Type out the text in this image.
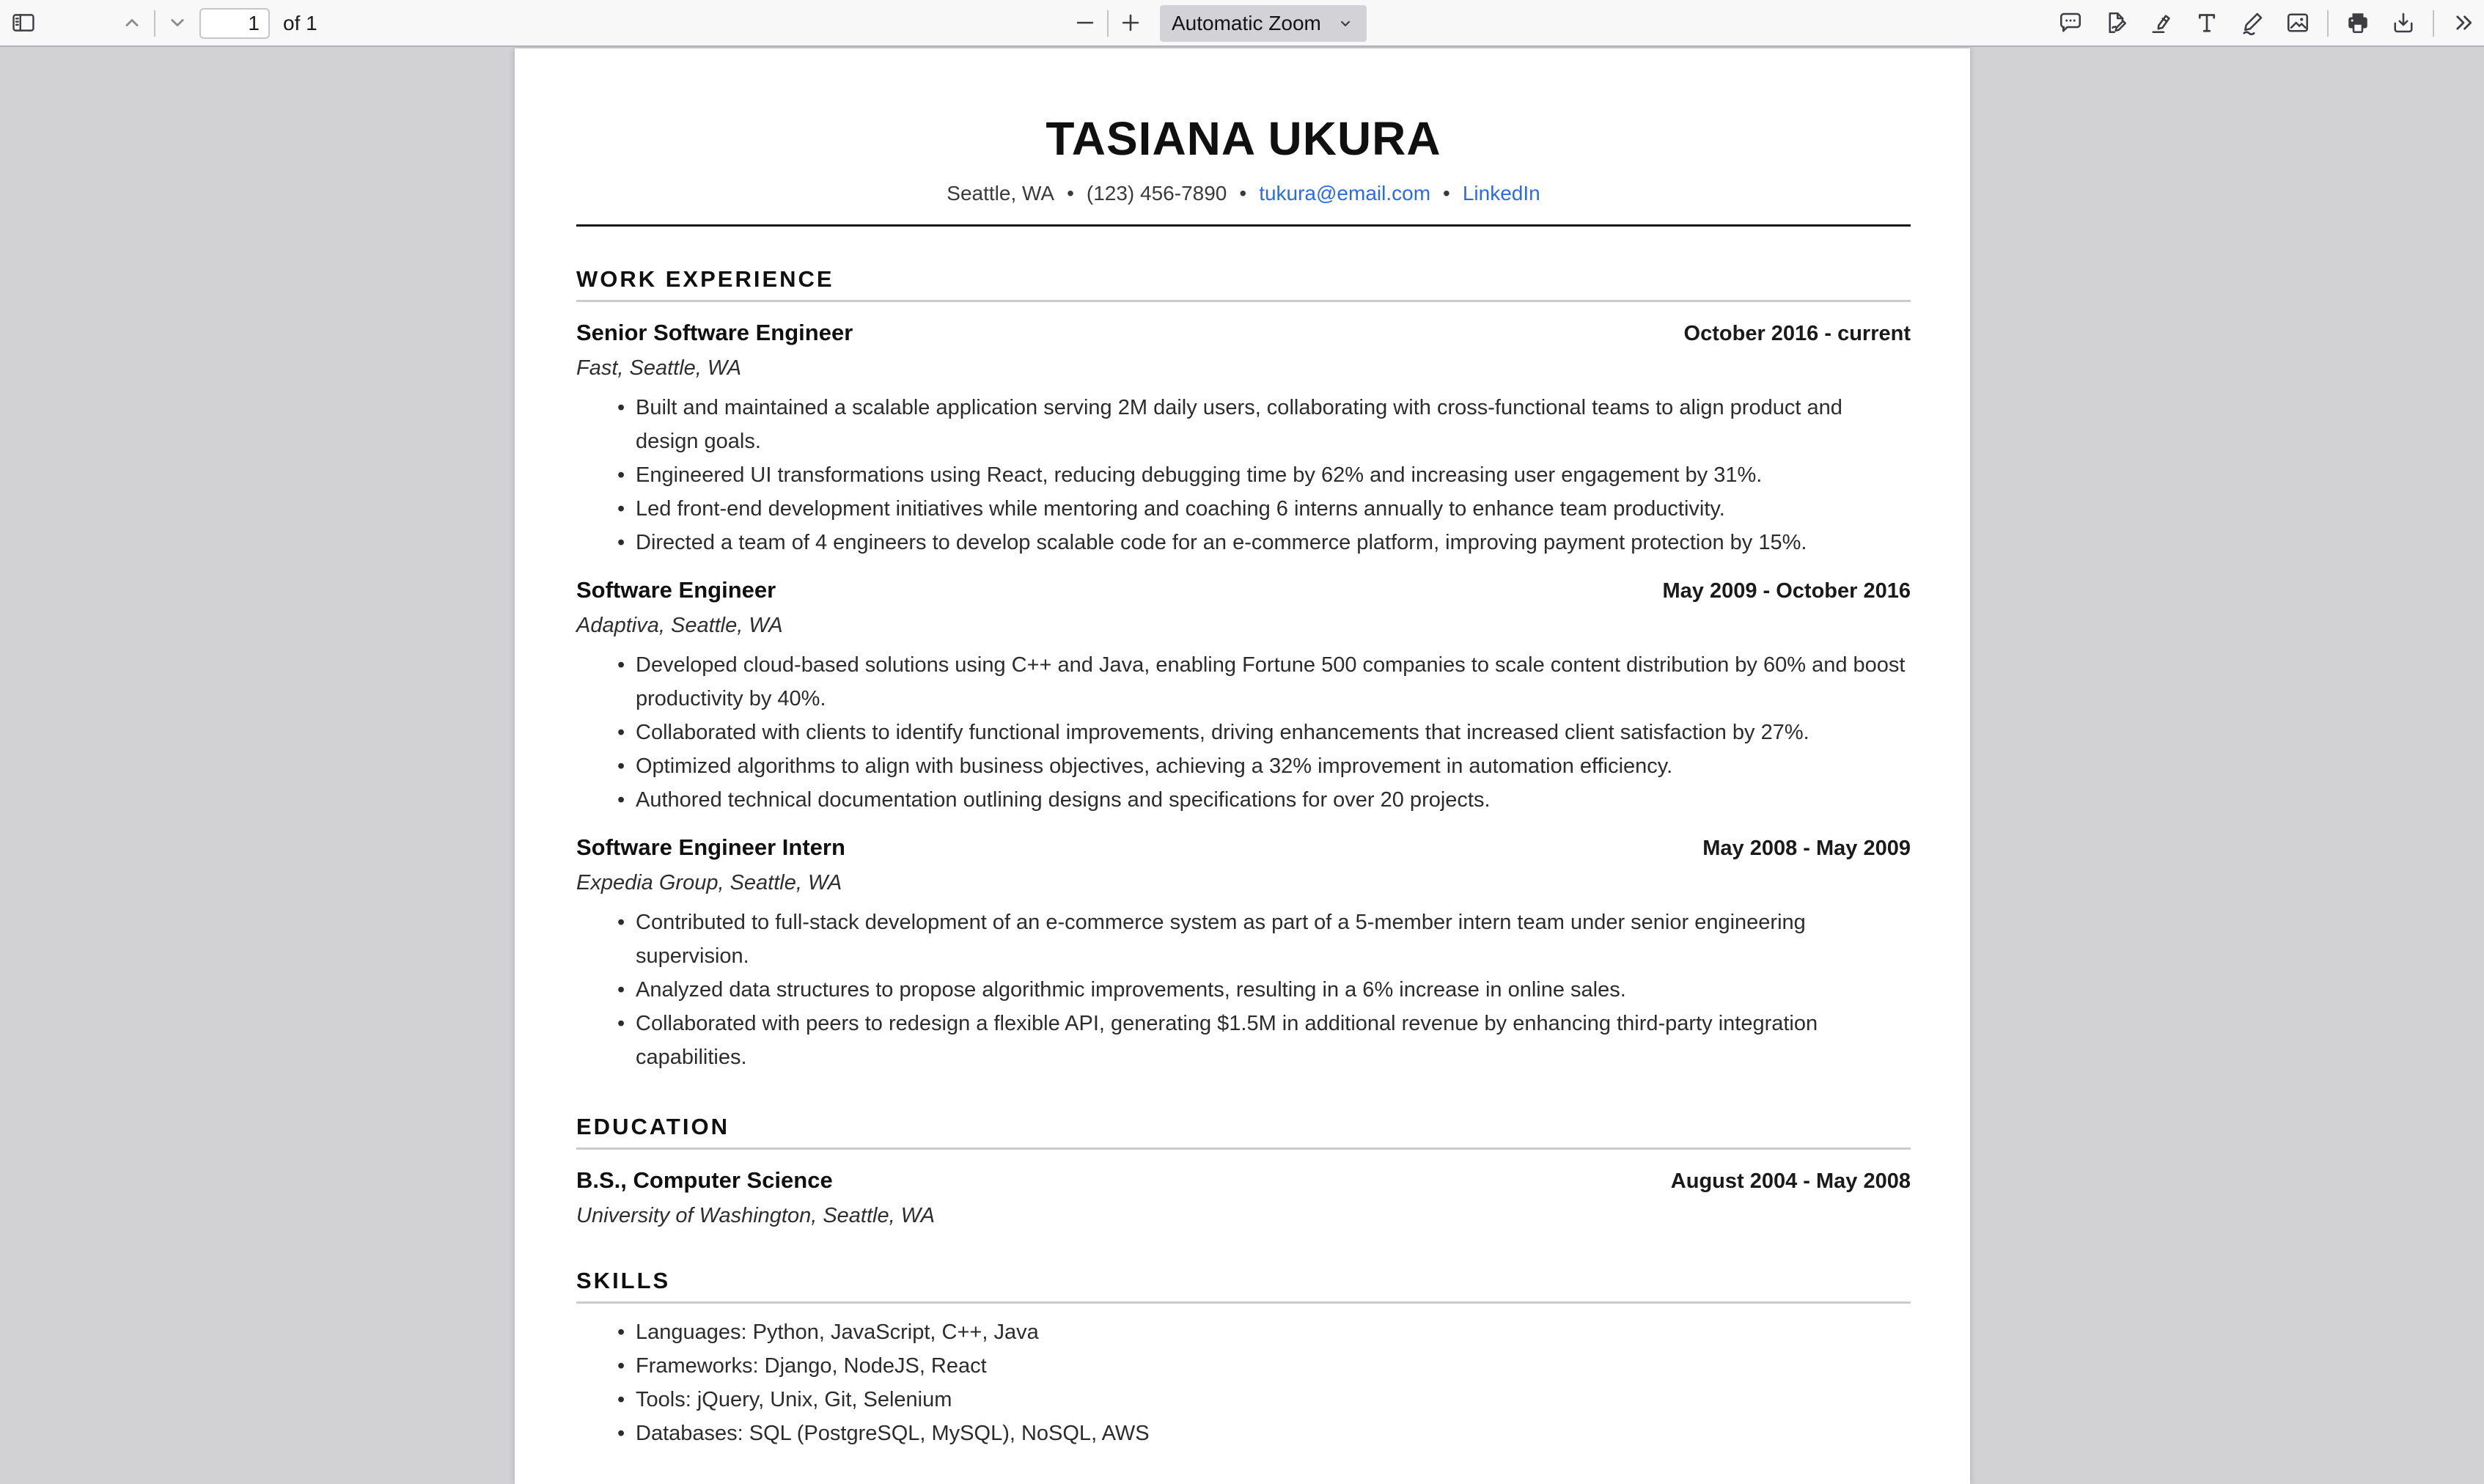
1
of 1	Automatic Zoom
TASIANA UKURA
Seattle, WA • (123) 456-7890 • tukura@email.com • LinkedIn
WORK EXPERIENCE
Senior Software Engineer	October 2016 - current
Fast, Seattle, WA
• Built and maintained a scalable application serving 2M daily users, collaborating with cross-functional teams to align product and design goals.
• Engineered UI transformations using React, reducing debugging time by 62% and increasing user engagement by 31%.
• Led front-end development initiatives while mentoring and coaching 6 interns annually to enhance team productivity.
• Directed a team of 4 engineers to develop scalable code for an e-commerce platform, improving payment protection by 15%.
Software Engineer	May 2009 - October 2016
Adaptiva, Seattle, WA
• Developed cloud-based solutions using C++ and Java, enabling Fortune 500 companies to scale content distribution by 60% and boost productivity by 40%.
• Collaborated with clients to identify functional improvements, driving enhancements that increased client satisfaction by 27%.
• Optimized algorithms to align with business objectives, achieving a 32% improvement in automation efficiency.
• Authored technical documentation outlining designs and specifications for over 20 projects.
Software Engineer Intern	May 2008 - May 2009
Expedia Group, Seattle, WA
• Contributed to full-stack development of an e-commerce system as part of a 5-member intern team under senior engineering supervision.
• Analyzed data structures to propose algorithmic improvements, resulting in a 6% increase in online sales.
• Collaborated with peers to redesign a flexible API, generating $1.5M in additional revenue by enhancing third-party integration capabilities.
EDUCATION
B.S., Computer Science	August 2004 - May 2008
University of Washington, Seattle, WA
SKILLS
• Languages: Python, JavaScript, C++, Java
• Frameworks: Django, NodeJS, React
• Tools: jQuery, Unix, Git, Selenium
• Databases: SQL (PostgreSQL, MySQL), NoSQL, AWS
